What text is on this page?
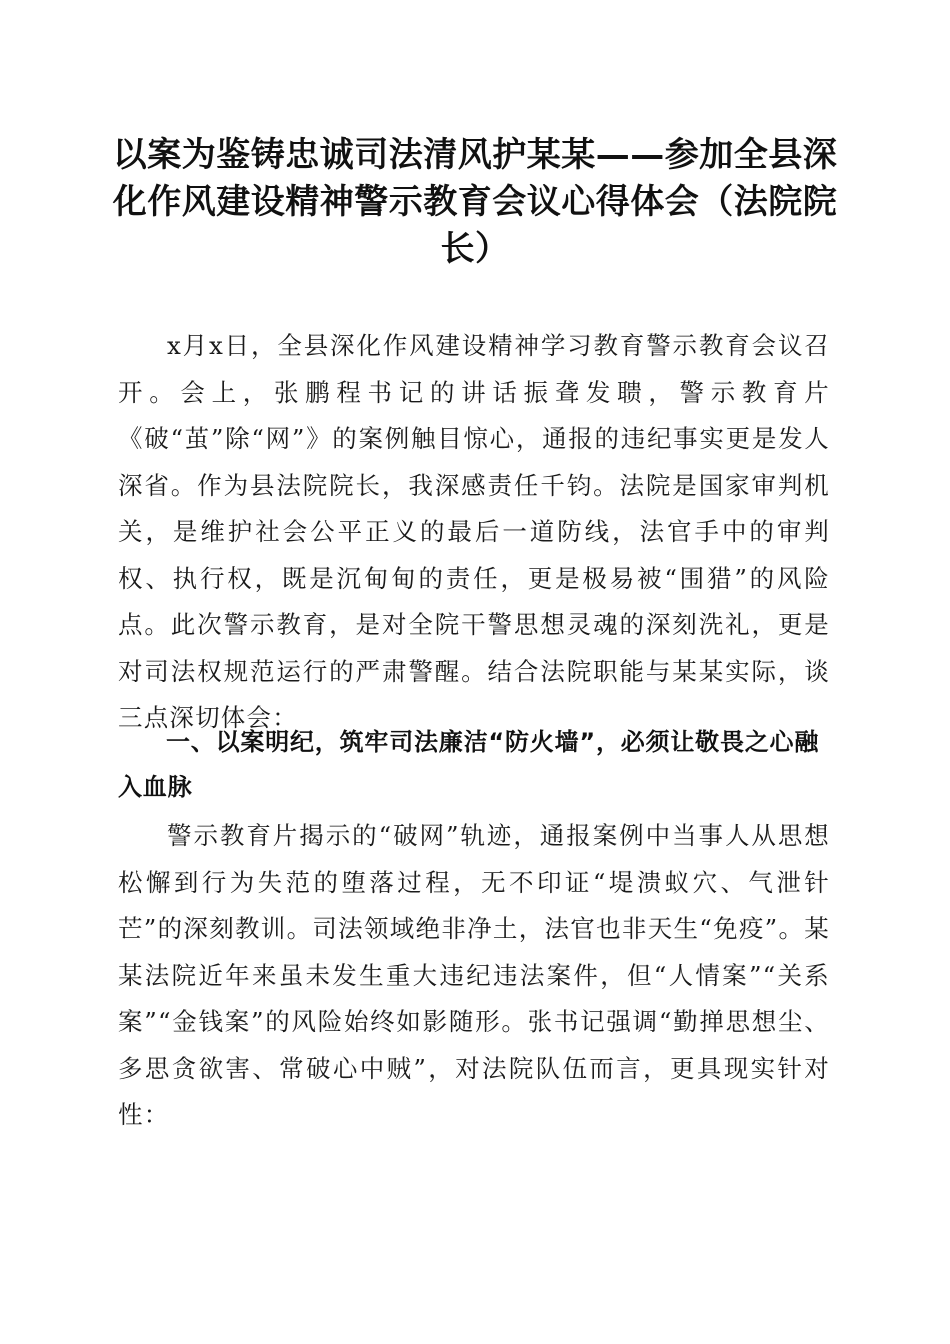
以案为鉴铸忠诚司法清风护某某——参加全县深化作风建设精神警示教育会议心得体会（法院院长）

x月x日，全县深化作风建设精神学习教育警示教育会议召开。会上，张鹏程书记的讲话振聋发聩，警示教育片《破“茧”除“网”》的案例触目惊心，通报的违纪事实更是发人深省。作为县法院院长，我深感责任千钧。法院是国家审判机关，是维护社会公平正义的最后一道防线，法官手中的审判权、执行权，既是沉甸甸的责任，更是极易被“围猎”的风险点。此次警示教育，是对全院干警思想灵魂的深刻洗礼，更是对司法权规范运行的严肃警醒。结合法院职能与某某实际，谈三点深切体会：

一、以案明纪，筑牢司法廉洁“防火墙”，必须让敬畏之心融入血脉

警示教育片揭示的“破网”轨迹，通报案例中当事人从思想松懈到行为失范的堕落过程，无不印证“堤溃蚁穴、气泄针芒”的深刻教训。司法领域绝非净土，法官也非天生“免疫”。某某法院近年来虽未发生重大违纪违法案件，但“人情案”“关系案”“金钱案”的风险始终如影随形。张书记强调“勤掸思想尘、多思贪欲害、常破心中贼”，对法院队伍而言，更具现实针对性：
